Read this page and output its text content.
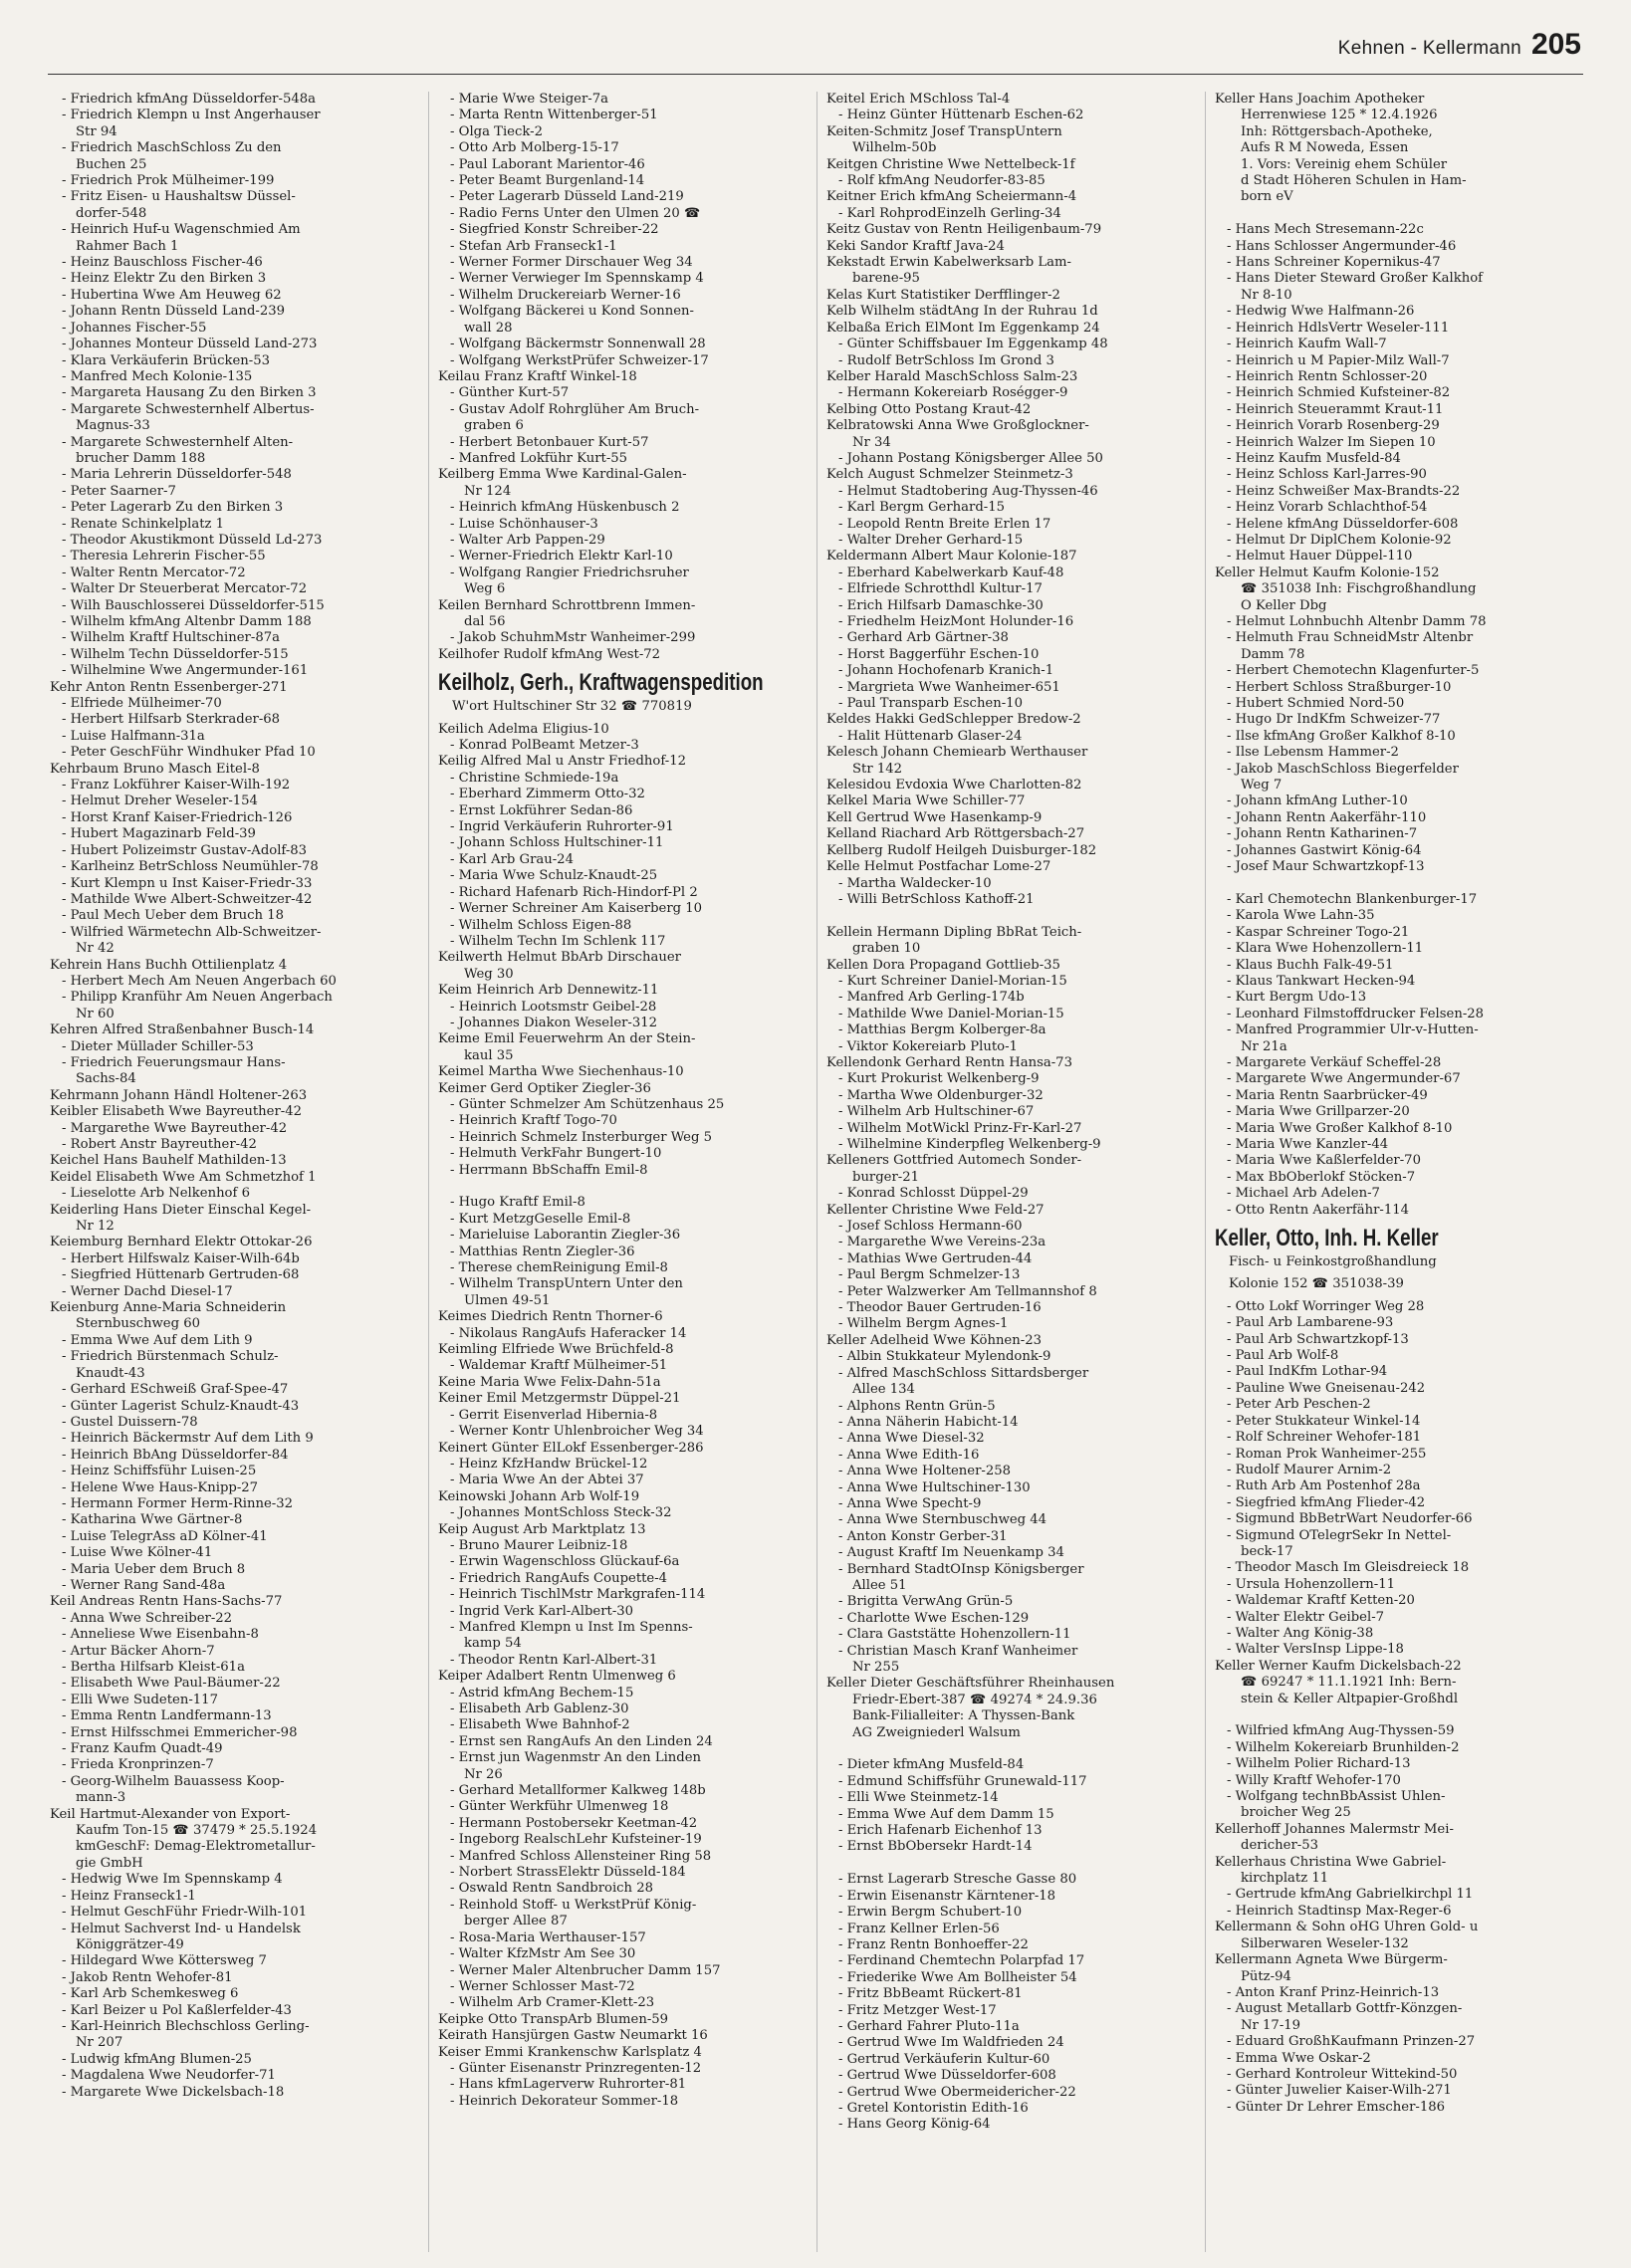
Kehnen - Kellermann 205
- Friedrich kfmAng Düsseldorfer-548a
- Friedrich Klempn u Inst Angerhauser
Str 94
- Friedrich MaschSchloss Zu den
Buchen 25
- Friedrich Prok Mülheimer-199
- Fritz Eisen- u Haushaltsw Düssel-
dorfer-548
- Heinrich Huf-u Wagenschmied Am
Rahmer Bach 1
- Heinz Bauschloss Fischer-46
- Heinz Elektr Zu den Birken 3
- Hubertina Wwe Am Heuweg 62
- Johann Rentn Düsseld Land-239
- Johannes Fischer-55
- Johannes Monteur Düsseld Land-273
- Klara Verkäuferin Brücken-53
- Manfred Mech Kolonie-135
- Margareta Hausang Zu den Birken 3
- Margarete Schwesternhelf Albertus-
Magnus-33
- Margarete Schwesternhelf Alten-
brucher Damm 188
- Maria Lehrerin Düsseldorfer-548
- Peter Saarner-7
- Peter Lagerarb Zu den Birken 3
- Renate Schinkelplatz 1
- Theodor Akustikmont Düsseld Ld-273
- Theresia Lehrerin Fischer-55
- Walter Rentn Mercator-72
- Walter Dr Steuerberat Mercator-72
- Wilh Bauschlosserei Düsseldorfer-515
- Wilhelm kfmAng Altenbr Damm 188
- Wilhelm Kraftf Hultschiner-87a
- Wilhelm Techn Düsseldorfer-515
- Wilhelmine Wwe Angermunder-161
Kehr Anton Rentn Essenberger-271
- Elfriede Mülheimer-70
- Herbert Hilfsarb Sterkrader-68
- Luise Halfmann-31a
- Peter GeschFühr Windhuker Pfad 10
Kehrbaum Bruno Masch Eitel-8
- Franz Lokführer Kaiser-Wilh-192
- Helmut Dreher Weseler-154
- Horst Kranf Kaiser-Friedrich-126
- Hubert Magazinarb Feld-39
- Hubert Polizeimstr Gustav-Adolf-83
- Karlheinz BetrSchloss Neumühler-78
- Kurt Klempn u Inst Kaiser-Friedr-33
- Mathilde Wwe Albert-Schweitzer-42
- Paul Mech Ueber dem Bruch 18
- Wilfried Wärmetechn Alb-Schweitzer-
Nr 42
Kehrein Hans Buchh Ottilienplatz 4
- Herbert Mech Am Neuen Angerbach 60
- Philipp Kranführ Am Neuen Angerbach
Nr 60
Kehren Alfred Straßenbahner Busch-14
- Dieter Müllader Schiller-53
- Friedrich Feuerungsmaur Hans-
Sachs-84
Kehrmann Johann Händl Holtener-263
Keibler Elisabeth Wwe Bayreuther-42
- Margarethe Wwe Bayreuther-42
- Robert Anstr Bayreuther-42
Keichel Hans Bauhelf Mathilden-13
Keidel Elisabeth Wwe Am Schmetzhof 1
- Lieselotte Arb Nelkenhof 6
Keiderling Hans Dieter Einschal Kegel-
Nr 12
Keiemburg Bernhard Elektr Ottokar-26
- Herbert Hilfswalz Kaiser-Wilh-64b
- Siegfried Hüttenarb Gertruden-68
- Werner Dachd Diesel-17
Keienburg Anne-Maria Schneiderin
Sternbuschweg 60
- Emma Wwe Auf dem Lith 9
- Friedrich Bürstenmach Schulz-
Knaudt-43
- Gerhard ESchweiß Graf-Spee-47
- Günter Lagerist Schulz-Knaudt-43
- Gustel Duissern-78
- Heinrich Bäckermstr Auf dem Lith 9
- Heinrich BbAng Düsseldorfer-84
- Heinz Schiffsführ Luisen-25
- Helene Wwe Haus-Knipp-27
- Hermann Former Herm-Rinne-32
- Katharina Wwe Gärtner-8
- Luise TelegrAss aD Kölner-41
- Luise Wwe Kölner-41
- Maria Ueber dem Bruch 8
- Werner Rang Sand-48a
Keil Andreas Rentn Hans-Sachs-77
- Anna Wwe Schreiber-22
- Anneliese Wwe Eisenbahn-8
- Artur Bäcker Ahorn-7
- Bertha Hilfsarb Kleist-61a
- Elisabeth Wwe Paul-Bäumer-22
- Elli Wwe Sudeten-117
- Emma Rentn Landfermann-13
- Ernst Hilfsschmei Emmericher-98
- Franz Kaufm Quadt-49
- Frieda Kronprinzen-7
- Georg-Wilhelm Bauassess Koop-
mann-3
Keil Hartmut-Alexander von Export-
Kaufm Ton-15 ☎ 37479 * 25.5.1924
kmGeschF: Demag-Elektrometallur-
gie GmbH
- Hedwig Wwe Im Spennskamp 4
- Heinz Franseck1-1
- Helmut GeschFühr Friedr-Wilh-101
- Helmut Sachverst Ind- u Handelsk
Königgrätzer-49
- Hildegard Wwe Köttersweg 7
- Jakob Rentn Wehofer-81
- Karl Arb Schemkesweg 6
- Karl Beizer u Pol Kaßlerfelder-43
- Karl-Heinrich Blechschloss Gerling-
Nr 207
- Ludwig kfmAng Blumen-25
- Magdalena Wwe Neudorfer-71
- Margarete Wwe Dickelsbach-18
- Marie Wwe Steiger-7a
- Marta Rentn Wittenberger-51
- Olga Tieck-2
- Otto Arb Molberg-15-17
- Paul Laborant Marientor-46
- Peter Beamt Burgenland-14
- Peter Lagerarb Düsseld Land-219
- Radio Ferns Unter den Ulmen 20 ☎
- Siegfried Konstr Schreiber-22
- Stefan Arb Franseck1-1
- Werner Former Dirschauer Weg 34
- Werner Verwieger Im Spennskamp 4
- Wilhelm Druckereiarb Werner-16
- Wolfgang Bäckerei u Kond Sonnen-
wall 28
- Wolfgang Bäckermstr Sonnenwall 28
- Wolfgang WerkstPrüfer Schweizer-17
Keilau Franz Kraftf Winkel-18
- Günther Kurt-57
- Gustav Adolf Rohrglüher Am Bruch-
graben 6
- Herbert Betonbauer Kurt-57
- Manfred Lokführ Kurt-55
Keilberg Emma Wwe Kardinal-Galen-
Nr 124
- Heinrich kfmAng Hüskenbusch 2
- Luise Schönhauser-3
- Walter Arb Pappen-29
- Werner-Friedrich Elektr Karl-10
- Wolfgang Rangier Friedrichsruher
Weg 6
Keilen Bernhard Schrottbrenn Immen-
dal 56
- Jakob SchuhmMstr Wanheimer-299
Keilhofer Rudolf kfmAng West-72
Keilholz, Gerh., Kraftwagenspedition
W'ort Hultschiner Str 32 ☎ 770819
Keilich Adelma Eligius-10
- Konrad PolBeamt Metzer-3
Keilig Alfred Mal u Anstr Friedhof-12
- Christine Schmiede-19a
- Eberhard Zimmerm Otto-32
- Ernst Lokführer Sedan-86
- Ingrid Verkäuferin Ruhrorter-91
- Johann Schloss Hultschiner-11
- Karl Arb Grau-24
- Maria Wwe Schulz-Knaudt-25
- Richard Hafenarb Rich-Hindorf-Pl 2
- Werner Schreiner Am Kaiserberg 10
- Wilhelm Schloss Eigen-88
- Wilhelm Techn Im Schlenk 117
Keilwerth Helmut BbArb Dirschauer
Weg 30
Keim Heinrich Arb Dennewitz-11
- Heinrich Lootsmstr Geibel-28
- Johannes Diakon Weseler-312
Keime Emil Feuerwehrm An der Stein-
kaul 35
Keimel Martha Wwe Siechenhaus-10
Keimer Gerd Optiker Ziegler-36
- Günter Schmelzer Am Schützenhaus 25
- Heinrich Kraftf Togo-70
- Heinrich Schmelz Insterburger Weg 5
- Helmuth VerkFahr Bungert-10
- Herrmann BbSchaffn Emil-8

- Hugo Kraftf Emil-8
- Kurt MetzgGeselle Emil-8
- Marieluise Laborantin Ziegler-36
- Matthias Rentn Ziegler-36
- Therese chemReinigung Emil-8
- Wilhelm TranspUntern Unter den
Ulmen 49-51
Keimes Diedrich Rentn Thorner-6
- Nikolaus RangAufs Haferacker 14
Keimling Elfriede Wwe Brüchfeld-8
- Waldemar Kraftf Mülheimer-51
Keine Maria Wwe Felix-Dahn-51a
Keiner Emil Metzgermstr Düppel-21
- Gerrit Eisenverlad Hibernia-8
- Werner Kontr Uhlenbroicher Weg 34
Keinert Günter ElLokf Essenberger-286
- Heinz KfzHandw Brückel-12
- Maria Wwe An der Abtei 37
Keinowski Johann Arb Wolf-19
- Johannes MontSchloss Steck-32
Keip August Arb Marktplatz 13
- Bruno Maurer Leibniz-18
- Erwin Wagenschloss Glückauf-6a
- Friedrich RangAufs Coupette-4
- Heinrich TischlMstr Markgrafen-114
- Ingrid Verk Karl-Albert-30
- Manfred Klempn u Inst Im Spenns-
kamp 54
- Theodor Rentn Karl-Albert-31
Keiper Adalbert Rentn Ulmenweg 6
- Astrid kfmAng Bechem-15
- Elisabeth Arb Gablenz-30
- Elisabeth Wwe Bahnhof-2
- Ernst sen RangAufs An den Linden 24
- Ernst jun Wagenmstr An den Linden
Nr 26
- Gerhard Metallformer Kalkweg 148b
- Günter Werkführ Ulmenweg 18
- Hermann Postobersekr Keetman-42
- Ingeborg RealschLehr Kufsteiner-19
- Manfred Schloss Allensteiner Ring 58
- Norbert StrassElektr Düsseld-184
- Oswald Rentn Sandbroich 28
- Reinhold Stoff- u WerkstPrüf König-
berger Allee 87
- Rosa-Maria Werthauser-157
- Walter KfzMstr Am See 30
- Werner Maler Altenbrucher Damm 157
- Werner Schlosser Mast-72
- Wilhelm Arb Cramer-Klett-23
Keipke Otto TranspArb Blumen-59
Keirath Hansjürgen Gastw Neumarkt 16
Keiser Emmi Krankenschw Karlsplatz 4
- Günter Eisenanstr Prinzregenten-12
- Hans kfmLagerverw Ruhrorter-81
- Heinrich Dekorateur Sommer-18
Keitel Erich MSchloss Tal-4
- Heinz Günter Hüttenarb Eschen-62
Keiten-Schmitz Josef TranspUntern
Wilhelm-50b
Keitgen Christine Wwe Nettelbeck-1f
- Rolf kfmAng Neudorfer-83-85
Keitner Erich kfmAng Scheiermann-4
- Karl RohprodEinzelh Gerling-34
Keitz Gustav von Rentn Heiligenbaum-79
Keki Sandor Kraftf Java-24
Kekstadt Erwin Kabelwerksarb Lam-
barene-95
Kelas Kurt Statistiker Derfflinger-2
Kelb Wilhelm städtAng In der Ruhrau 1d
Kelbaßa Erich ElMont Im Eggenkamp 24
- Günter Schiffsbauer Im Eggenkamp 48
- Rudolf BetrSchloss Im Grond 3
Kelber Harald MaschSchloss Salm-23
- Hermann Kokereiarb Roségger-9
Kelbing Otto Postang Kraut-42
Kelbratowski Anna Wwe Großglockner-
Nr 34
- Johann Postang Königsberger Allee 50
Kelch August Schmelzer Steinmetz-3
- Helmut Stadtobering Aug-Thyssen-46
- Karl Bergm Gerhard-15
- Leopold Rentn Breite Erlen 17
- Walter Dreher Gerhard-15
Keldermann Albert Maur Kolonie-187
- Eberhard Kabelwerkarb Kauf-48
- Elfriede Schrotthdl Kultur-17
- Erich Hilfsarb Damaschke-30
- Friedhelm HeizMont Holunder-16
- Gerhard Arb Gärtner-38
- Horst Baggerführ Eschen-10
- Johann Hochofenarb Kranich-1
- Margrieta Wwe Wanheimer-651
- Paul Transparb Eschen-10
Keldes Hakki GedSchlepper Bredow-2
- Halit Hüttenarb Glaser-24
Kelesch Johann Chemiearb Werthauser
Str 142
Kelesidou Evdoxia Wwe Charlotten-82
Kelkel Maria Wwe Schiller-77
Kell Gertrud Wwe Hasenkamp-9
Kelland Riachard Arb Röttgersbach-27
Kellberg Rudolf Heilgeh Duisburger-182
Kelle Helmut Postfachar Lome-27
- Martha Waldecker-10
- Willi BetrSchloss Kathoff-21

Kellein Hermann Dipling BbRat Teich-
graben 10
Kellen Dora Propagand Gottlieb-35
- Kurt Schreiner Daniel-Morian-15
- Manfred Arb Gerling-174b
- Mathilde Wwe Daniel-Morian-15
- Matthias Bergm Kolberger-8a
- Viktor Kokereiarb Pluto-1
Kellendonk Gerhard Rentn Hansa-73
- Kurt Prokurist Welkenberg-9
- Martha Wwe Oldenburger-32
- Wilhelm Arb Hultschiner-67
- Wilhelm MotWickl Prinz-Fr-Karl-27
- Wilhelmine Kinderpfleg Welkenberg-9
Kelleners Gottfried Automech Sonder-
burger-21
- Konrad Schlosst Düppel-29
Kellenter Christine Wwe Feld-27
- Josef Schloss Hermann-60
- Margarethe Wwe Vereins-23a
- Mathias Wwe Gertruden-44
- Paul Bergm Schmelzer-13
- Peter Walzwerker Am Tellmannshof 8
- Theodor Bauer Gertruden-16
- Wilhelm Bergm Agnes-1
Keller Adelheid Wwe Köhnen-23
- Albin Stukkateur Mylendonk-9
- Alfred MaschSchloss Sittardsberger
Allee 134
- Alphons Rentn Grün-5
- Anna Näherin Habicht-14
- Anna Wwe Diesel-32
- Anna Wwe Edith-16
- Anna Wwe Holtener-258
- Anna Wwe Hultschiner-130
- Anna Wwe Specht-9
- Anna Wwe Sternbuschweg 44
- Anton Konstr Gerber-31
- August Kraftf Im Neuenkamp 34
- Bernhard StadtOInsp Königsberger
Allee 51
- Brigitta VerwAng Grün-5
- Charlotte Wwe Eschen-129
- Clara Gaststätte Hohenzollern-11
- Christian Masch Kranf Wanheimer
Nr 255
Keller Dieter Geschäftsführer Rheinhausen
Friedr-Ebert-387 ☎ 49274 * 24.9.36
Bank-Filialleiter: A Thyssen-Bank
AG Zweigniederl Walsum

- Dieter kfmAng Musfeld-84
- Edmund Schiffsführ Grunewald-117
- Elli Wwe Steinmetz-14
- Emma Wwe Auf dem Damm 15
- Erich Hafenarb Eichenhof 13
- Ernst BbObersekr Hardt-14

- Ernst Lagerarb Stresche Gasse 80
- Erwin Eisenanstr Kärntener-18
- Erwin Bergm Schubert-10
- Franz Kellner Erlen-56
- Franz Rentn Bonhoeffer-22
- Ferdinand Chemtechn Polarpfad 17
- Friederike Wwe Am Bollheister 54
- Fritz BbBeamt Rückert-81
- Fritz Metzger West-17
- Gerhard Fahrer Pluto-11a
- Gertrud Wwe Im Waldfrieden 24
- Gertrud Verkäuferin Kultur-60
- Gertrud Wwe Düsseldorfer-608
- Gertrud Wwe Obermeidericher-22
- Gretel Kontoristin Edith-16
- Hans Georg König-64
Keller Hans Joachim Apotheker
Herrenwiese 125 * 12.4.1926
Inh: Röttgersbach-Apotheke,
Aufs R M Noweda, Essen
1. Vors: Vereinig ehem Schüler
d Stadt Höheren Schulen in Ham-
born eV

- Hans Mech Stresemann-22c
- Hans Schlosser Angermunder-46
- Hans Schreiner Kopernikus-47
- Hans Dieter Steward Großer Kalkhof
Nr 8-10
- Hedwig Wwe Halfmann-26
- Heinrich HdlsVertr Weseler-111
- Heinrich Kaufm Wall-7
- Heinrich u M Papier-Milz Wall-7
- Heinrich Rentn Schlosser-20
- Heinrich Schmied Kufsteiner-82
- Heinrich Steuerammt Kraut-11
- Heinrich Vorarb Rosenberg-29
- Heinrich Walzer Im Siepen 10
- Heinz Kaufm Musfeld-84
- Heinz Schloss Karl-Jarres-90
- Heinz Schweißer Max-Brandts-22
- Heinz Vorarb Schlachthof-54
- Helene kfmAng Düsseldorfer-608
- Helmut Dr DiplChem Kolonie-92
- Helmut Hauer Düppel-110
Keller Helmut Kaufm Kolonie-152
☎ 351038 Inh: Fischgroßhandlung
O Keller Dbg
- Helmut Lohnbuchh Altenbr Damm 78
- Helmuth Frau SchneidMstr Altenbr
Damm 78
- Herbert Chemotechn Klagenfurter-5
- Herbert Schloss Straßburger-10
- Hubert Schmied Nord-50
- Hugo Dr IndKfm Schweizer-77
- Ilse kfmAng Großer Kalkhof 8-10
- Ilse Lebensm Hammer-2
- Jakob MaschSchloss Biegerfelder
Weg 7
- Johann kfmAng Luther-10
- Johann Rentn Aakerfähr-110
- Johann Rentn Katharinen-7
- Johannes Gastwirt König-64
- Josef Maur Schwartzkopf-13

- Karl Chemotechn Blankenburger-17
- Karola Wwe Lahn-35
- Kaspar Schreiner Togo-21
- Klara Wwe Hohenzollern-11
- Klaus Buchh Falk-49-51
- Klaus Tankwart Hecken-94
- Kurt Bergm Udo-13
- Leonhard Filmstoffdrucker Felsen-28
- Manfred Programmier Ulr-v-Hutten-
Nr 21a
- Margarete Verkäuf Scheffel-28
- Margarete Wwe Angermunder-67
- Maria Rentn Saarbrücker-49
- Maria Wwe Grillparzer-20
- Maria Wwe Großer Kalkhof 8-10
- Maria Wwe Kanzler-44
- Maria Wwe Kaßlerfelder-70
- Max BbOberlokf Stöcken-7
- Michael Arb Adelen-7
- Otto Rentn Aakerfähr-114
Keller, Otto, Inh. H. Keller
Fisch- u Feinkostgroßhandlung
Kolonie 152 ☎ 351038-39
- Otto Lokf Worringer Weg 28
- Paul Arb Lambarene-93
- Paul Arb Schwartzkopf-13
- Paul Arb Wolf-8
- Paul IndKfm Lothar-94
- Pauline Wwe Gneisenau-242
- Peter Arb Peschen-2
- Peter Stukkateur Winkel-14
- Rolf Schreiner Wehofer-181
- Roman Prok Wanheimer-255
- Rudolf Maurer Arnim-2
- Ruth Arb Am Postenhof 28a
- Siegfried kfmAng Flieder-42
- Sigmund BbBetrWart Neudorfer-66
- Sigmund OTelegrSekr In Nettel-
beck-17
- Theodor Masch Im Gleisdreieck 18
- Ursula Hohenzollern-11
- Waldemar Kraftf Ketten-20
- Walter Elektr Geibel-7
- Walter Ang König-38
- Walter VersInsp Lippe-18
Keller Werner Kaufm Dickelsbach-22
☎ 69247 * 11.1.1921 Inh: Bern-
stein & Keller Altpapier-Großhdl

- Wilfried kfmAng Aug-Thyssen-59
- Wilhelm Kokereiarb Brunhilden-2
- Wilhelm Polier Richard-13
- Willy Kraftf Wehofer-170
- Wolfgang technBbAssist Uhlen-
broicher Weg 25
Kellerhoff Johannes Malermstr Mei-
dericher-53
Kellerhaus Christina Wwe Gabriel-
kirchplatz 11
- Gertrude kfmAng Gabrielkirchpl 11
- Heinrich Stadtinsp Max-Reger-6
Kellermann & Sohn oHG Uhren Gold- u
Silberwaren Weseler-132
Kellermann Agneta Wwe Bürgerm-
Pütz-94
- Anton Kranf Prinz-Heinrich-13
- August Metallarb Gottfr-Könzgen-
Nr 17-19
- Eduard GroßhKaufmann Prinzen-27
- Emma Wwe Oskar-2
- Gerhard Kontroleur Wittekind-50
- Günter Juwelier Kaiser-Wilh-271
- Günter Dr Lehrer Emscher-186
